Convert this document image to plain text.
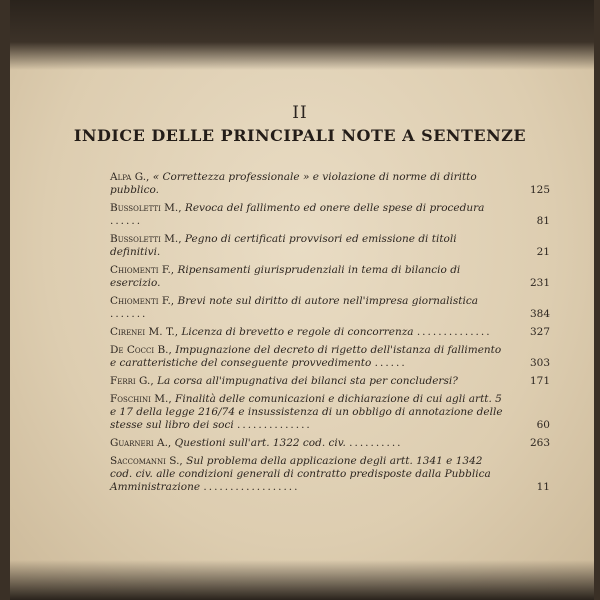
II
INDICE DELLE PRINCIPALI NOTE A SENTENZE
Alpa G., « Correttezza professionale » e violazione di norme di diritto pubblico.	125
Bussoletti M., Revoca del fallimento ed onere delle spese di procedura ......	81
Bussoletti M., Pegno di certificati provvisori ed emissione di titoli definitivi.	21
Chiomenti F., Ripensamenti giurisprudenziali in tema di bilancio di esercizio.	231
Chiomenti F., Brevi note sul diritto di autore nell'impresa giornalistica .......	384
Cirenei M. T., Licenza di brevetto e regole di concorrenza ..............	327
De Cocci B., Impugnazione del decreto di rigetto dell'istanza di fallimento e caratteristiche del conseguente provvedimento ......	303
Ferri G., La corsa all'impugnativa dei bilanci sta per concludersi?	171
Foschini M., Finalità delle comunicazioni e dichiarazione di cui agli artt. 5 e 17 della legge 216/74 e insussistenza di un obbligo di annotazione delle stesse sul libro dei soci ..............	60
Guarneri A., Questioni sull'art. 1322 cod. civ. ..........	263
Saccomanni S., Sul problema della applicazione degli artt. 1341 e 1342 cod. civ. alle condizioni generali di contratto predisposte dalla Pubblica Amministrazione ..................	11
